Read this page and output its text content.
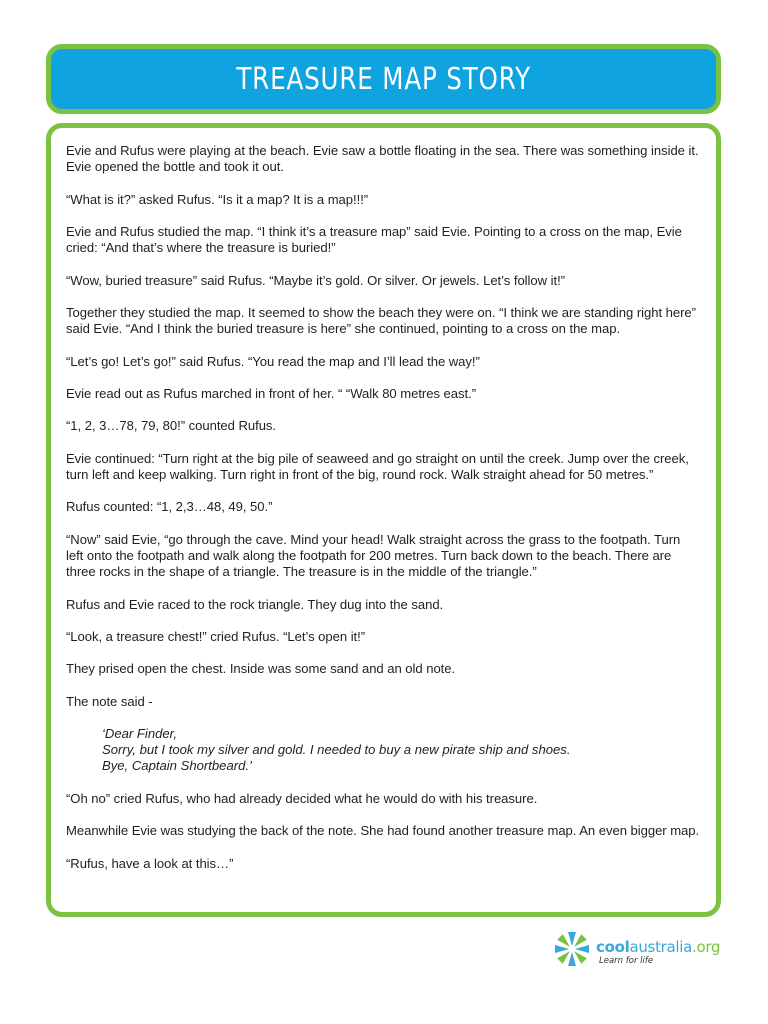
TREASURE MAP STORY

Evie and Rufus were playing at the beach. Evie saw a bottle floating in the sea. There was something inside it. Evie opened the bottle and took it out.

“What is it?” asked Rufus. “Is it a map? It is a map!!!”

Evie and Rufus studied the map. “I think it’s a treasure map” said Evie. Pointing to a cross on the map, Evie cried: “And that’s where the treasure is buried!”

“Wow, buried treasure” said Rufus. “Maybe it’s gold. Or silver. Or jewels. Let’s follow it!”

Together they studied the map. It seemed to show the beach they were on. “I think we are standing right here” said Evie. “And I think the buried treasure is here” she continued, pointing to a cross on the map.

“Let’s go! Let’s go!” said Rufus. “You read the map and I’ll lead the way!”

Evie read out as Rufus marched in front of her. “ “Walk 80 metres east.”

“1, 2, 3…78, 79, 80!” counted Rufus.

Evie continued: “Turn right at the big pile of seaweed and go straight on until the creek. Jump over the creek, turn left and keep walking. Turn right in front of the big, round rock. Walk straight ahead for 50 metres.”

Rufus counted: “1, 2,3…48, 49, 50.”

“Now” said Evie, “go through the cave. Mind your head! Walk straight across the grass to the footpath. Turn left onto the footpath and walk along the footpath for 200 metres. Turn back down to the beach. There are three rocks in the shape of a triangle. The treasure is in the middle of the triangle.”

Rufus and Evie raced to the rock triangle. They dug into the sand.

“Look, a treasure chest!” cried Rufus. “Let’s open it!”

They prised open the chest. Inside was some sand and an old note.

The note said -

‘Dear Finder,
Sorry, but I took my silver and gold. I needed to buy a new pirate ship and shoes.
Bye, Captain Shortbeard.’

“Oh no” cried Rufus, who had already decided what he would do with his treasure.

Meanwhile Evie was studying the back of the note. She had found another treasure map. An even bigger map.

“Rufus, have a look at this…”

coolaustralia.org
Learn for life
